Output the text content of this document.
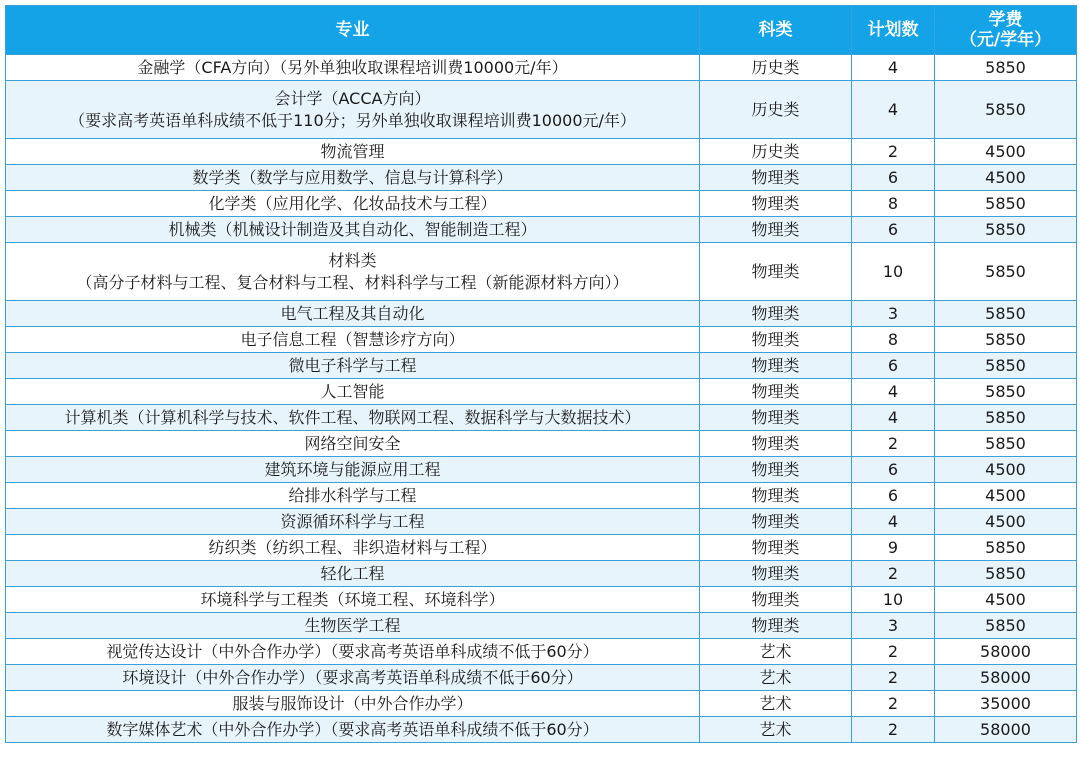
专业	科类	计划数	学费
（元/学年）

金融学（CFA方向）（另外单独收取课程培训费10000元/年）	历史类	4	5850

会计学（ACCA方向）
（要求高考英语单科成绩不低于110分；另外单独收取课程培训费10000元/年）	历史类	4	5850

物流管理	历史类	2	4500

数学类（数学与应用数学、信息与计算科学）	物理类	6	4500

化学类（应用化学、化妆品技术与工程）	物理类	8	5850

机械类（机械设计制造及其自动化、智能制造工程）	物理类	6	5850

材料类
（高分子材料与工程、复合材料与工程、材料科学与工程（新能源材料方向））	物理类	10	5850

电气工程及其自动化	物理类	3	5850

电子信息工程（智慧诊疗方向）	物理类	8	5850

微电子科学与工程	物理类	6	5850

人工智能	物理类	4	5850

计算机类（计算机科学与技术、软件工程、物联网工程、数据科学与大数据技术）	物理类	4	5850

网络空间安全	物理类	2	5850

建筑环境与能源应用工程	物理类	6	4500

给排水科学与工程	物理类	6	4500

资源循环科学与工程	物理类	4	4500

纺织类（纺织工程、非织造材料与工程）	物理类	9	5850

轻化工程	物理类	2	5850

环境科学与工程类（环境工程、环境科学）	物理类	10	4500

生物医学工程	物理类	3	5850

视觉传达设计（中外合作办学）（要求高考英语单科成绩不低于60分）	艺术	2	58000

环境设计（中外合作办学）（要求高考英语单科成绩不低于60分）	艺术	2	58000

服装与服饰设计（中外合作办学）	艺术	2	35000

数字媒体艺术（中外合作办学）（要求高考英语单科成绩不低于60分）	艺术	2	58000
